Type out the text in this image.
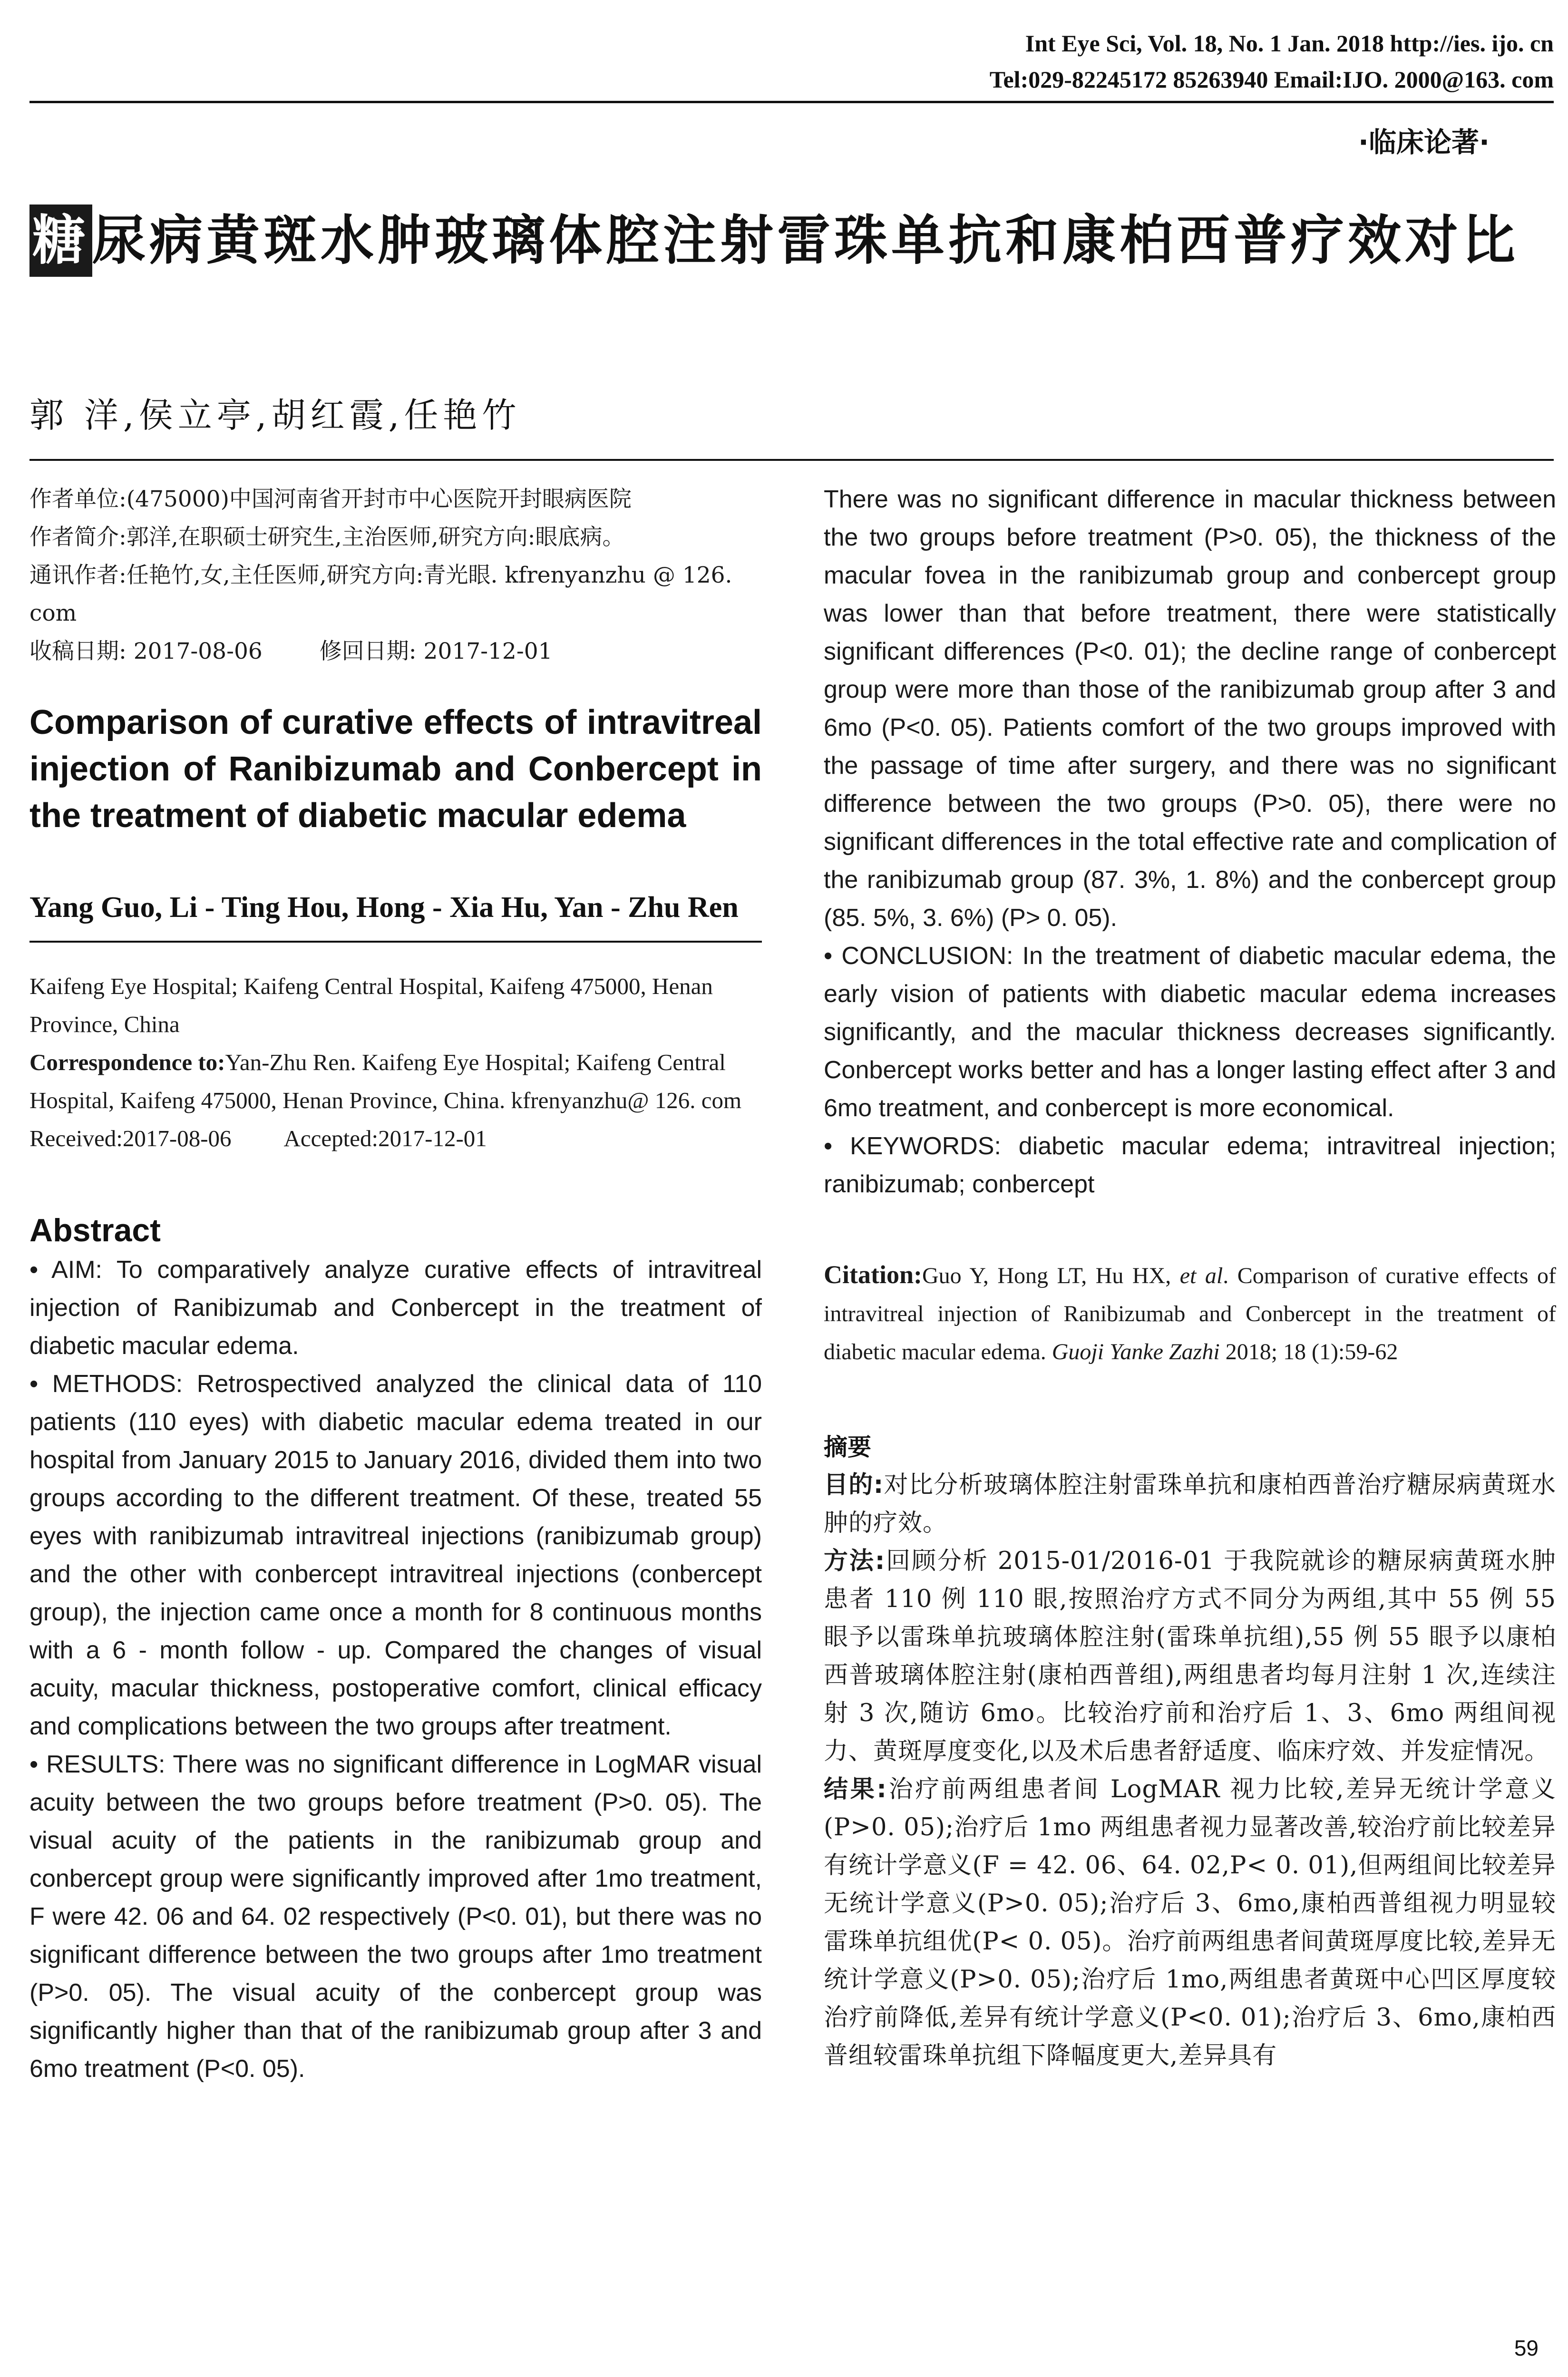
Int Eye Sci, Vol. 18, No. 1 Jan. 2018 http://ies. ijo. cn
Tel:029-82245172 85263940 Email:IJO. 2000@163. com
·临床论著·
糖尿病黄斑水肿玻璃体腔注射雷珠单抗和康柏西普疗效对比
郭 洋,侯立亭,胡红霞,任艳竹
作者单位:(475000)中国河南省开封市中心医院开封眼病医院
作者简介:郭洋,在职硕士研究生,主治医师,研究方向:眼底病。
通讯作者:任艳竹,女,主任医师,研究方向:青光眼. kfrenyanzhu @ 126. com
收稿日期: 2017-08-06	修回日期: 2017-12-01
Comparison of curative effects of intravitreal injection of Ranibizumab and Conbercept in the treatment of diabetic macular edema
Yang Guo, Li - Ting Hou, Hong - Xia Hu, Yan - Zhu Ren
Kaifeng Eye Hospital; Kaifeng Central Hospital, Kaifeng 475000, Henan Province, China
Correspondence to:Yan-Zhu Ren. Kaifeng Eye Hospital; Kaifeng Central Hospital, Kaifeng 475000, Henan Province, China. kfrenyanzhu@ 126. com
Received:2017-08-06 Accepted:2017-12-01
Abstract

• AIM: To comparatively analyze curative effects of intravitreal injection of Ranibizumab and Conbercept in the treatment of diabetic macular edema.

• METHODS: Retrospectived analyzed the clinical data of 110 patients (110 eyes) with diabetic macular edema treated in our hospital from January 2015 to January 2016, divided them into two groups according to the different treatment. Of these, treated 55 eyes with ranibizumab intravitreal injections (ranibizumab group) and the other with conbercept intravitreal injections (conbercept group), the injection came once a month for 8 continuous months with a 6 - month follow - up. Compared the changes of visual acuity, macular thickness, postoperative comfort, clinical efficacy and complications between the two groups after treatment.

• RESULTS: There was no significant difference in LogMAR visual acuity between the two groups before treatment (P>0. 05). The visual acuity of the patients in the ranibizumab group and conbercept group were significantly improved after 1mo treatment, F were 42. 06 and 64. 02 respectively (P<0. 01), but there was no significant difference between the two groups after 1mo treatment (P>0. 05). The visual acuity of the conbercept group was significantly higher than that of the ranibizumab group after 3 and 6mo treatment (P<0. 05).

There was no significant difference in macular thickness between the two groups before treatment (P>0. 05), the thickness of the macular fovea in the ranibizumab group and conbercept group was lower than that before treatment, there were statistically significant differences (P<0. 01); the decline range of conbercept group were more than those of the ranibizumab group after 3 and 6mo (P<0. 05). Patients comfort of the two groups improved with the passage of time after surgery, and there was no significant difference between the two groups (P>0. 05), there were no significant differences in the total effective rate and complication of the ranibizumab group (87. 3%, 1. 8%) and the conbercept group (85. 5%, 3. 6%) (P> 0. 05).

• CONCLUSION: In the treatment of diabetic macular edema, the early vision of patients with diabetic macular edema increases significantly, and the macular thickness decreases significantly. Conbercept works better and has a longer lasting effect after 3 and 6mo treatment, and conbercept is more economical.

• KEYWORDS: diabetic macular edema; intravitreal injection; ranibizumab; conbercept

Citation:Guo Y, Hong LT, Hu HX, et al. Comparison of curative effects of intravitreal injection of Ranibizumab and Conbercept in the treatment of diabetic macular edema. Guoji Yanke Zazhi 2018; 18 (1):59-62
摘要
目的:对比分析玻璃体腔注射雷珠单抗和康柏西普治疗糖尿病黄斑水肿的疗效。
方法:回顾分析 2015-01/2016-01 于我院就诊的糖尿病黄斑水肿患者 110 例 110 眼,按照治疗方式不同分为两组,其中 55 例 55 眼予以雷珠单抗玻璃体腔注射(雷珠单抗组),55 例 55 眼予以康柏西普玻璃体腔注射(康柏西普组),两组患者均每月注射 1 次,连续注射 3 次,随访 6mo。比较治疗前和治疗后 1、3、6mo 两组间视力、黄斑厚度变化,以及术后患者舒适度、临床疗效、并发症情况。
结果:治疗前两组患者间 LogMAR 视力比较,差异无统计学意义(P>0. 05);治疗后 1mo 两组患者视力显著改善,较治疗前比较差异有统计学意义(F = 42. 06、64. 02,P< 0. 01),但两组间比较差异无统计学意义(P>0. 05);治疗后 3、6mo,康柏西普组视力明显较雷珠单抗组优(P< 0. 05)。治疗前两组患者间黄斑厚度比较,差异无统计学意义(P>0. 05);治疗后 1mo,两组患者黄斑中心凹区厚度较治疗前降低,差异有统计学意义(P<0. 01);治疗后 3、6mo,康柏西普组较雷珠单抗组下降幅度更大,差异具有
59
